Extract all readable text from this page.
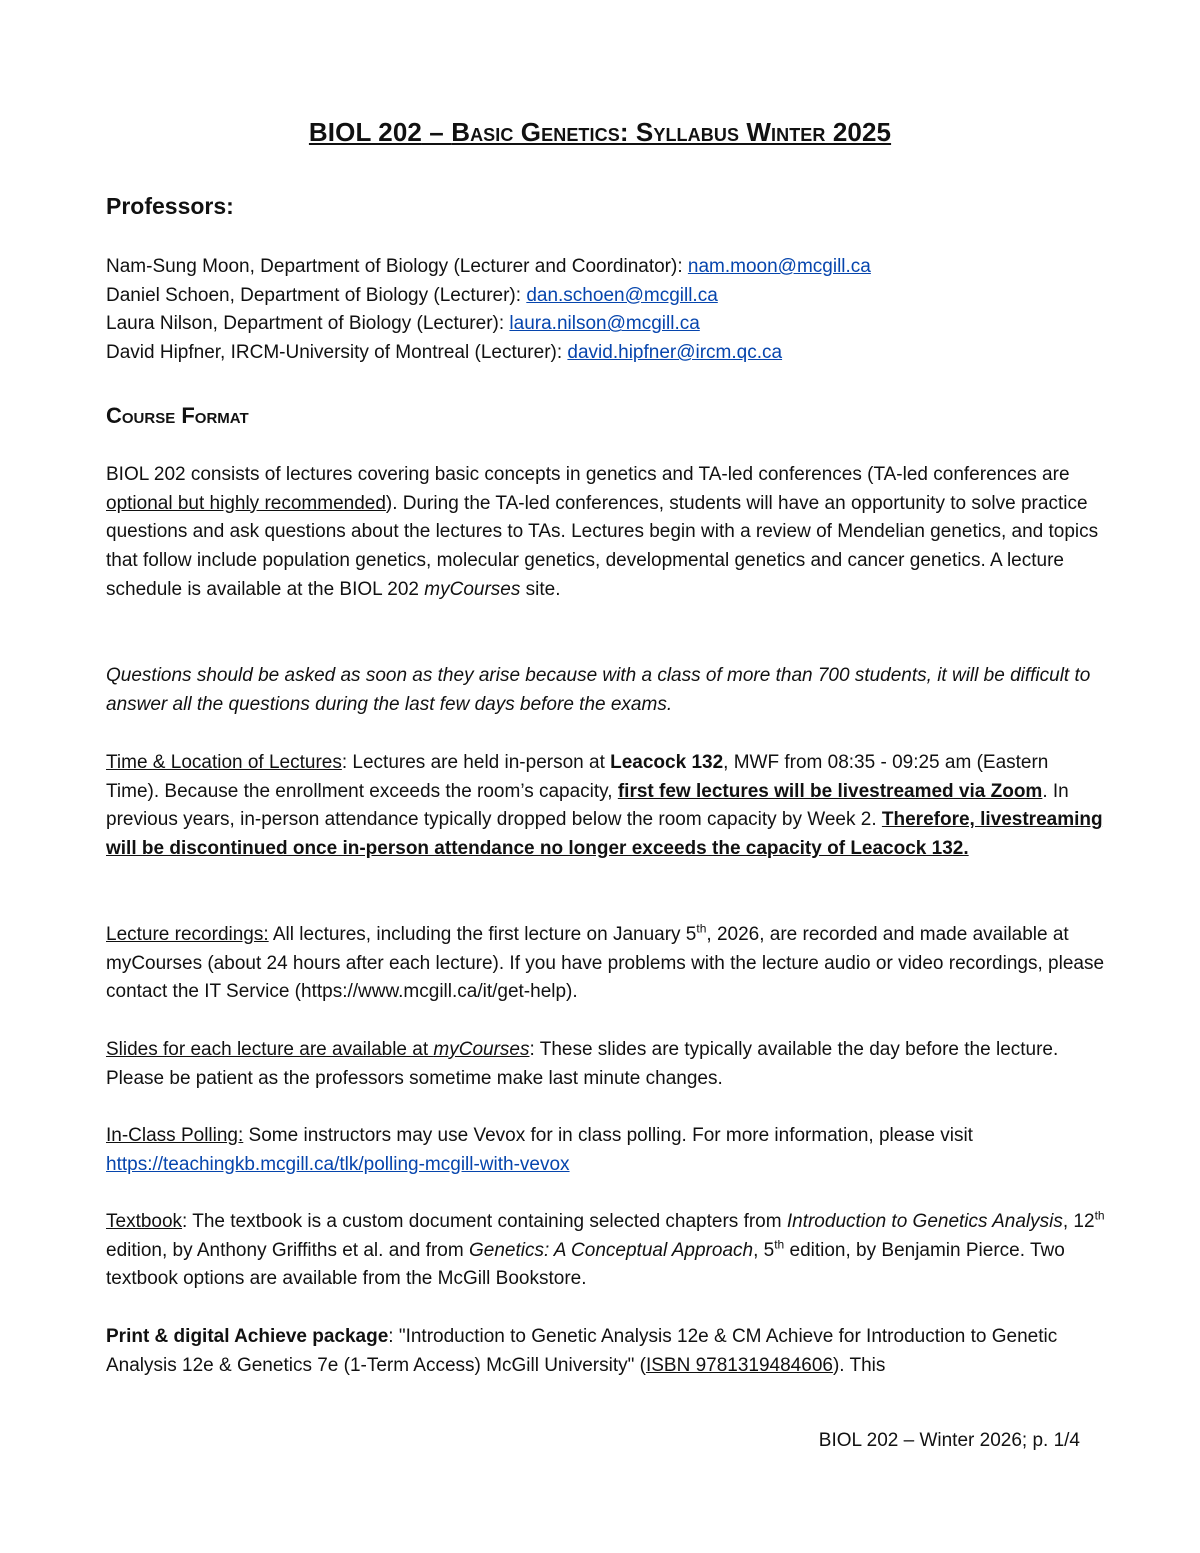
BIOL 202 – Basic Genetics: Syllabus Winter 2025
Professors:
Nam-Sung Moon, Department of Biology (Lecturer and Coordinator): nam.moon@mcgill.ca
Daniel Schoen, Department of Biology (Lecturer): dan.schoen@mcgill.ca
Laura Nilson, Department of Biology (Lecturer): laura.nilson@mcgill.ca
David Hipfner, IRCM-University of Montreal (Lecturer): david.hipfner@ircm.qc.ca
Course Format
BIOL 202 consists of lectures covering basic concepts in genetics and TA-led conferences (TA-led conferences are optional but highly recommended). During the TA-led conferences, students will have an opportunity to solve practice questions and ask questions about the lectures to TAs. Lectures begin with a review of Mendelian genetics, and topics that follow include population genetics, molecular genetics, developmental genetics and cancer genetics. A lecture schedule is available at the BIOL 202 myCourses site.
Questions should be asked as soon as they arise because with a class of more than 700 students, it will be difficult to answer all the questions during the last few days before the exams.
Time & Location of Lectures: Lectures are held in-person at Leacock 132, MWF from 08:35 - 09:25 am (Eastern Time). Because the enrollment exceeds the room’s capacity, first few lectures will be livestreamed via Zoom. In previous years, in-person attendance typically dropped below the room capacity by Week 2. Therefore, livestreaming will be discontinued once in-person attendance no longer exceeds the capacity of Leacock 132.
Lecture recordings: All lectures, including the first lecture on January 5th, 2026, are recorded and made available at myCourses (about 24 hours after each lecture). If you have problems with the lecture audio or video recordings, please contact the IT Service (https://www.mcgill.ca/it/get-help).
Slides for each lecture are available at myCourses: These slides are typically available the day before the lecture. Please be patient as the professors sometime make last minute changes.
In-Class Polling: Some instructors may use Vevox for in class polling. For more information, please visit https://teachingkb.mcgill.ca/tlk/polling-mcgill-with-vevox
Textbook: The textbook is a custom document containing selected chapters from Introduction to Genetics Analysis, 12th edition, by Anthony Griffiths et al. and from Genetics: A Conceptual Approach, 5th edition, by Benjamin Pierce. Two textbook options are available from the McGill Bookstore.
Print & digital Achieve package: "Introduction to Genetic Analysis 12e & CM Achieve for Introduction to Genetic Analysis 12e & Genetics 7e (1-Term Access) McGill University" (ISBN 9781319484606). This
BIOL 202 – Winter 2026; p. 1/4
